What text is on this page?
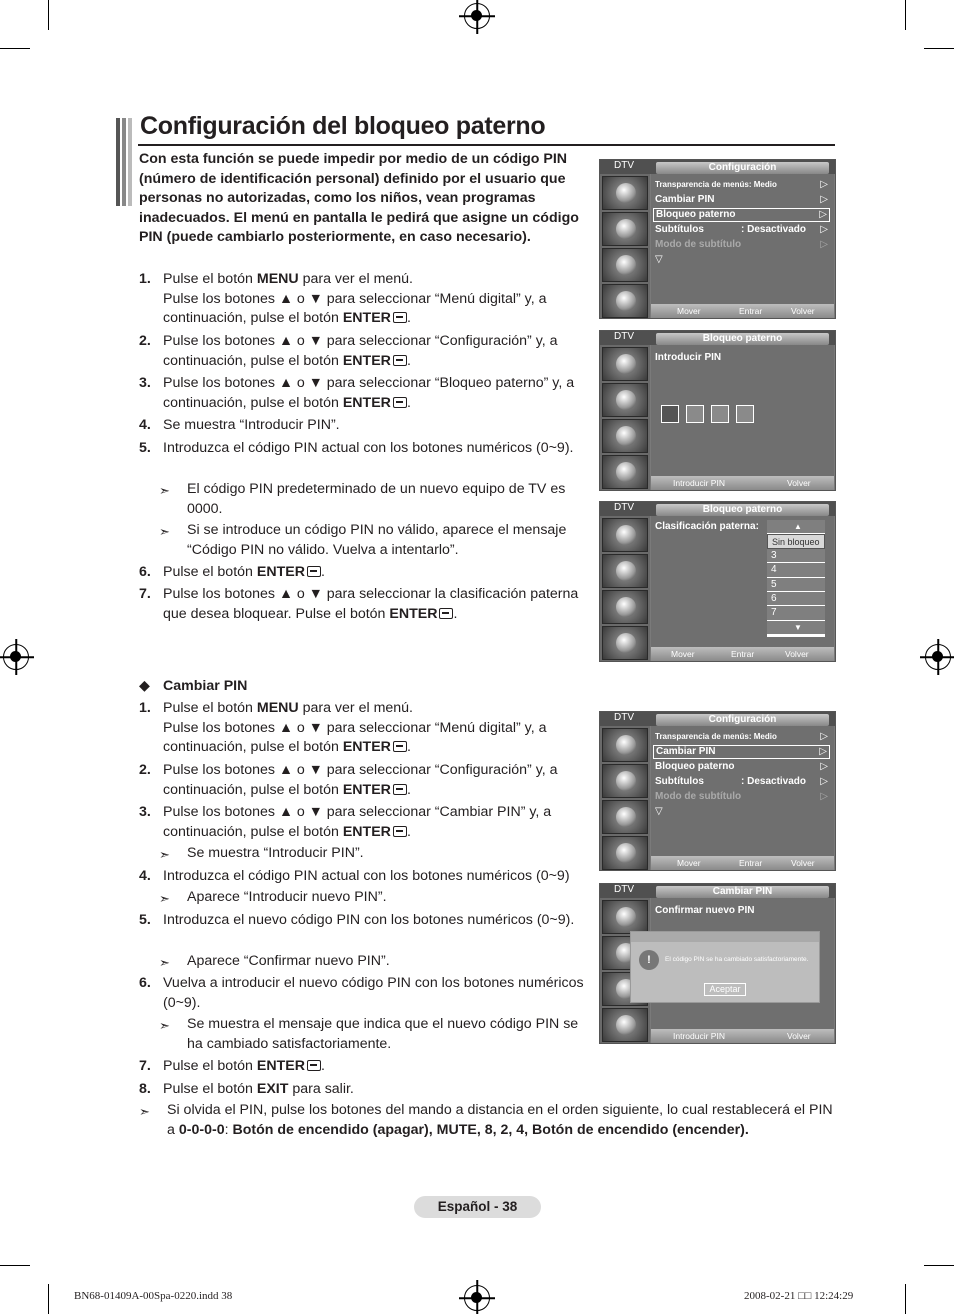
Configuración del bloqueo paterno
Con esta función se puede impedir por medio de un código PIN (número de identificación personal) definido por el usuario que personas no autorizadas, como los niños, vean programas inadecuados. El menú en pantalla le pedirá que asigne un código PIN (puede cambiarlo posteriormente, en caso necesario).
1. Pulse el botón MENU para ver el menú.
Pulse los botones ▲ o ▼ para seleccionar “Menú digital” y, a continuación, pulse el botón ENTER .
2. Pulse los botones ▲ o ▼ para seleccionar “Configuración” y, a continuación, pulse el botón ENTER .
3. Pulse los botones ▲ o ▼ para seleccionar “Bloqueo paterno” y, a continuación, pulse el botón ENTER .
4. Se muestra “Introducir PIN”.
5. Introduzca el código PIN actual con los botones numéricos (0~9).
➣ El código PIN predeterminado de un nuevo equipo de TV es 0000.
➣ Si se introduce un código PIN no válido, aparece el mensaje “Código PIN no válido. Vuelva a intentarlo”.
6. Pulse el botón ENTER .
7. Pulse los botones ▲ o ▼ para seleccionar la clasificación paterna que desea bloquear. Pulse el botón ENTER .
◆ Cambiar PIN
1. Pulse el botón MENU para ver el menú.
Pulse los botones ▲ o ▼ para seleccionar “Menú digital” y, a continuación, pulse el botón ENTER .
2. Pulse los botones ▲ o ▼ para seleccionar “Configuración” y, a continuación, pulse el botón ENTER .
3. Pulse los botones ▲ o ▼ para seleccionar “Cambiar PIN” y, a continuación, pulse el botón ENTER .
➣ Se muestra “Introducir PIN”.
4. Introduzca el código PIN actual con los botones numéricos (0~9)
➣ Aparece “Introducir nuevo PIN”.
5. Introduzca el nuevo código PIN con los botones numéricos (0~9).
➣ Aparece “Confirmar nuevo PIN”.
6. Vuelva a introducir el nuevo código PIN con los botones numéricos (0~9).
➣ Se muestra el mensaje que indica que el nuevo código PIN se ha cambiado satisfactoriamente.
7. Pulse el botón ENTER .
8. Pulse el botón EXIT para salir.
➣ Si olvida el PIN, pulse los botones del mando a distancia en el orden siguiente, lo cual restablecerá el PIN a 0-0-0-0: Botón de encendido (apagar), MUTE, 8, 2, 4, Botón de encendido (encender).
DTV	Configuración
Transparencia de menús: Medio	▷
Cambiar PIN	▷
Bloqueo paterno	▷
Subtítulos	: Desactivado ▷
Modo de subtítulo	▷
▽
Mover	Entrar	Volver
DTV	Bloqueo paterno
Introducir PIN
Introducir PIN	Volver
DTV	Bloqueo paterno
Clasificación paterna:	▲
Sin bloqueo
3
4
5
6
7
▼
Mover	Entrar	Volver
DTV	Configuración
Transparencia de menús: Medio	▷
Cambiar PIN	▷
Bloqueo paterno	▷
Subtítulos	: Desactivado ▷
Modo de subtítulo	▷
▽
Mover	Entrar	Volver
DTV	Cambiar PIN
Confirmar nuevo PIN
!	El código PIN se ha cambiado satisfactoriamente.
Aceptar
Introducir PIN	Volver
Español - 38
BN68-01409A-00Spa-0220.indd 38	2008-02-21 □□ 12:24:29
